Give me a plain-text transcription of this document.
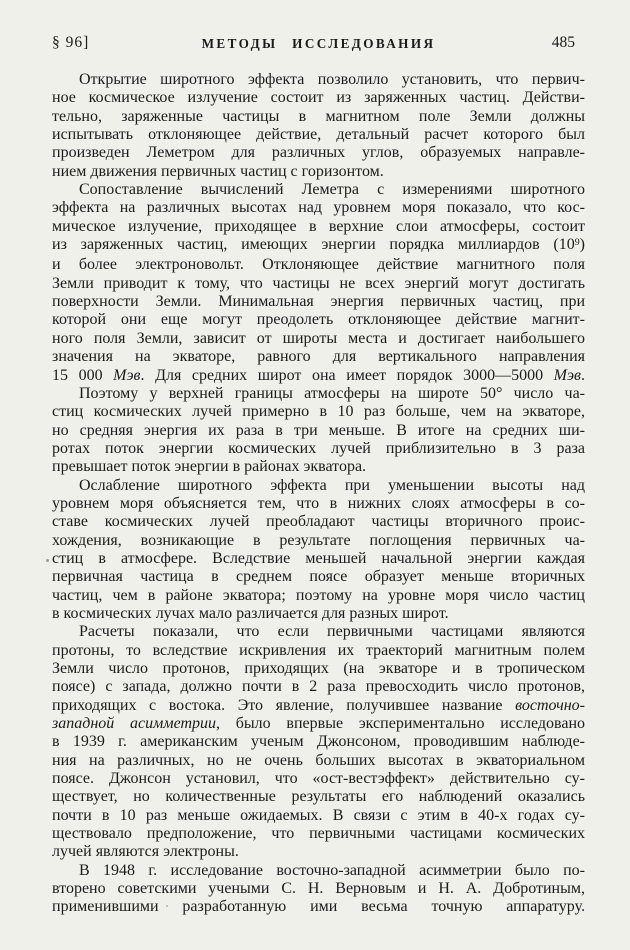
§ 96]	МЕТОДЫ ИССЛЕДОВАНИЯ	485

Открытие широтного эффекта позволило установить, что первич-
ное космическое излучение состоит из заряженных частиц. Действи-
тельно, заряженные частицы в магнитном поле Земли должны
испытывать отклоняющее действие, детальный расчет которого был
произведен Леметром для различных углов, образуемых направле-
нием движения первичных частиц с горизонтом.

Сопоставление вычислений Леметра с измерениями широтного
эффекта на различных высотах над уровнем моря показало, что кос-
мическое излучение, приходящее в верхние слои атмосферы, состоит
из заряженных частиц, имеющих энергии порядка миллиардов $(10^9)$
и более электроновольт. Отклоняющее действие магнитного поля
Земли приводит к тому, что частицы не всех энергий могут достигать
поверхности Земли. Минимальная энергия первичных частиц, при
которой они еще могут преодолеть отклоняющее действие магнит-
ного поля Земли, зависит от широты места и достигает наибольшего
значения на экваторе, равного для вертикального направления
15 000 Мэв. Для средних широт она имеет порядок 3000—5000 Мэв.

Поэтому у верхней границы атмосферы на широте 50° число ча-
стиц космических лучей примерно в 10 раз больше, чем на экваторе,
но средняя энергия их раза в три меньше. В итоге на средних ши-
ротах поток энергии космических лучей приблизительно в 3 раза
превышает поток энергии в районах экватора.

Ослабление широтного эффекта при уменьшении высоты над
уровнем моря объясняется тем, что в нижних слоях атмосферы в со-
ставе космических лучей преобладают частицы вторичного проис-
хождения, возникающие в результате поглощения первичных ча-
стиц в атмосфере. Вследствие меньшей начальной энергии каждая
первичная частица в среднем поясе образует меньше вторичных
частиц, чем в районе экватора; поэтому на уровне моря число частиц
в космических лучах мало различается для разных широт.

Расчеты показали, что если первичными частицами являются
протоны, то вследствие искривления их траекторий магнитным полем
Земли число протонов, приходящих (на экваторе и в тропическом
поясе) с запада, должно почти в 2 раза превосходить число протонов,
приходящих с востока. Это явление, получившее название восточно-
западной асимметрии, было впервые экспериментально исследовано
в 1939 г. американским ученым Джонсоном, проводившим наблюде-
ния на различных, но не очень больших высотах в экваториальном
поясе. Джонсон установил, что «ост-вестэффект» действительно су-
ществует, но количественные результаты его наблюдений оказались
почти в 10 раз меньше ожидаемых. В связи с этим в 40-х годах су-
ществовало предположение, что первичными частицами космических
лучей являются электроны.

В 1948 г. исследование восточно-западной асимметрии было по-
вторено советскими учеными С. Н. Верновым и Н. А. Добротиным,
применившими разработанную ими весьма точную аппаратуру.
